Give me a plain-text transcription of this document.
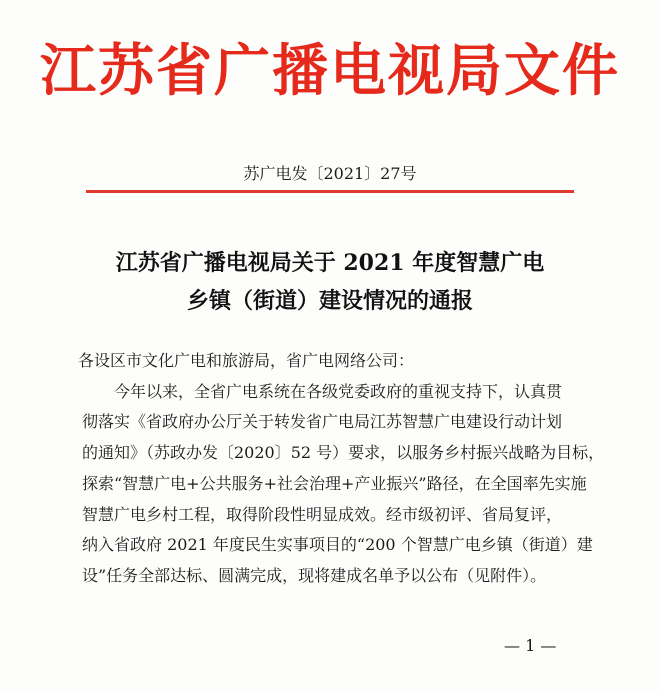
江苏省广播电视局文件
苏广电发〔2021〕27号
江苏省广播电视局关于 2021 年度智慧广电
乡镇（街道）建设情况的通报
各设区市文化广电和旅游局，省广电网络公司：
今年以来，全省广电系统在各级党委政府的重视支持下，认真贯
彻落实《省政府办公厅关于转发省广电局江苏智慧广电建设行动计划
的通知》（苏政办发〔2020〕52 号）要求，以服务乡村振兴战略为目标，
探索“智慧广电+公共服务+社会治理+产业振兴”路径，在全国率先实施
智慧广电乡村工程，取得阶段性明显成效。经市级初评、省局复评，
纳入省政府 2021 年度民生实事项目的“200 个智慧广电乡镇（街道）建
设”任务全部达标、圆满完成，现将建成名单予以公布（见附件）。
— 1 —
